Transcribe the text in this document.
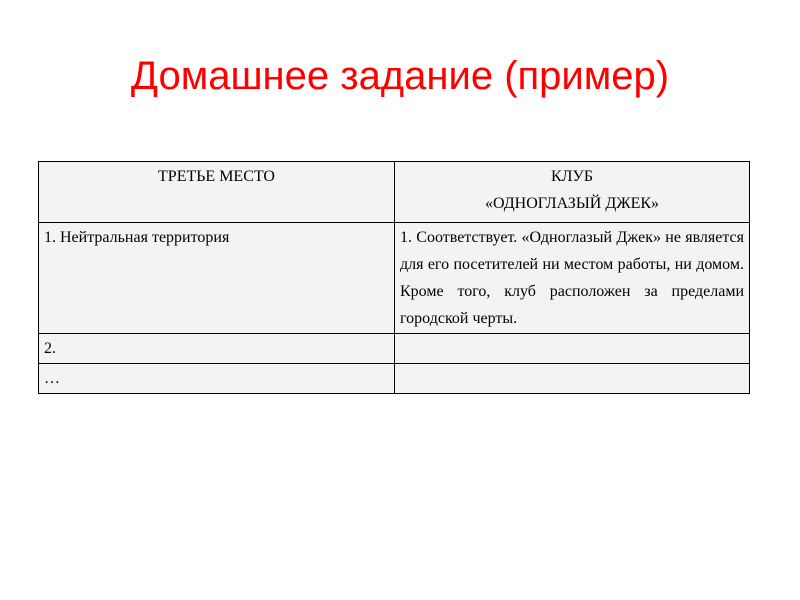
Домашнее задание (пример)
ТРЕТЬЕ МЕСТО	КЛУБ
«ОДНОГЛАЗЫЙ ДЖЕК»

1. Нейтральная территория	1. Соответствует. «Одноглазый Джек» не является для его посетителей ни местом работы, ни домом. Кроме того, клуб расположен за пределами городской черты.
2.	
…	
